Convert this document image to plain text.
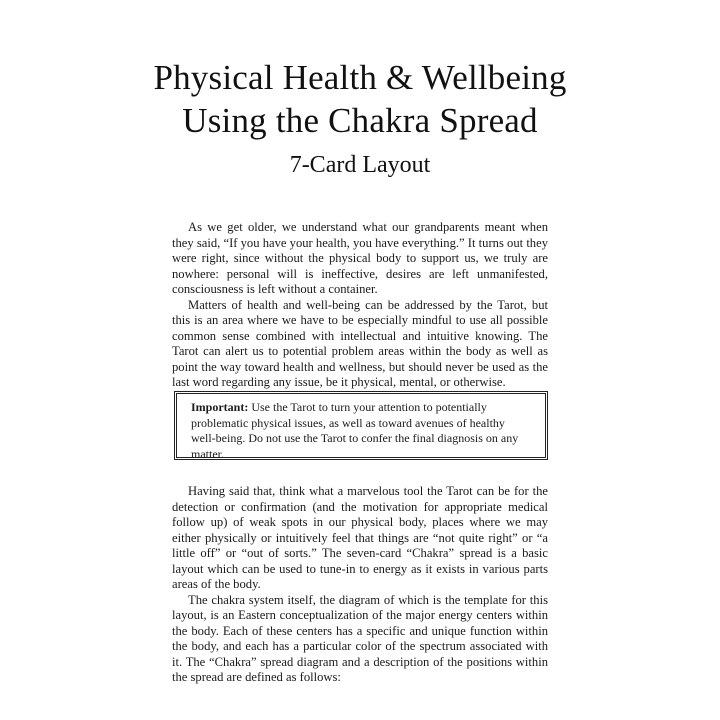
Physical Health & Wellbeing
Using the Chakra Spread
7-Card Layout

As we get older, we understand what our grandparents meant when they said, “If you have your health, you have everything.” It turns out they were right, since without the physical body to support us, we truly are nowhere: personal will is ineffective, desires are left unmanifested, consciousness is left without a container.

Matters of health and well-being can be addressed by the Tarot, but this is an area where we have to be especially mindful to use all possible common sense combined with intellectual and intuitive knowing. The Tarot can alert us to potential problem areas within the body as well as point the way toward health and wellness, but should never be used as the last word regarding any issue, be it physical, mental, or otherwise.

Important: Use the Tarot to turn your attention to potentially problematic physical issues, as well as toward avenues of healthy well-being. Do not use the Tarot to confer the final diagnosis on any matter.

Having said that, think what a marvelous tool the Tarot can be for the detection or confirmation (and the motivation for appropriate medical follow up) of weak spots in our physical body, places where we may either physically or intuitively feel that things are “not quite right” or “a little off” or “out of sorts.” The seven-card “Chakra” spread is a basic layout which can be used to tune-in to energy as it exists in various parts areas of the body.

The chakra system itself, the diagram of which is the template for this layout, is an Eastern conceptualization of the major energy centers within the body. Each of these centers has a specific and unique function within the body, and each has a particular color of the spectrum associated with it. The “Chakra” spread diagram and a description of the positions within the spread are defined as follows:
